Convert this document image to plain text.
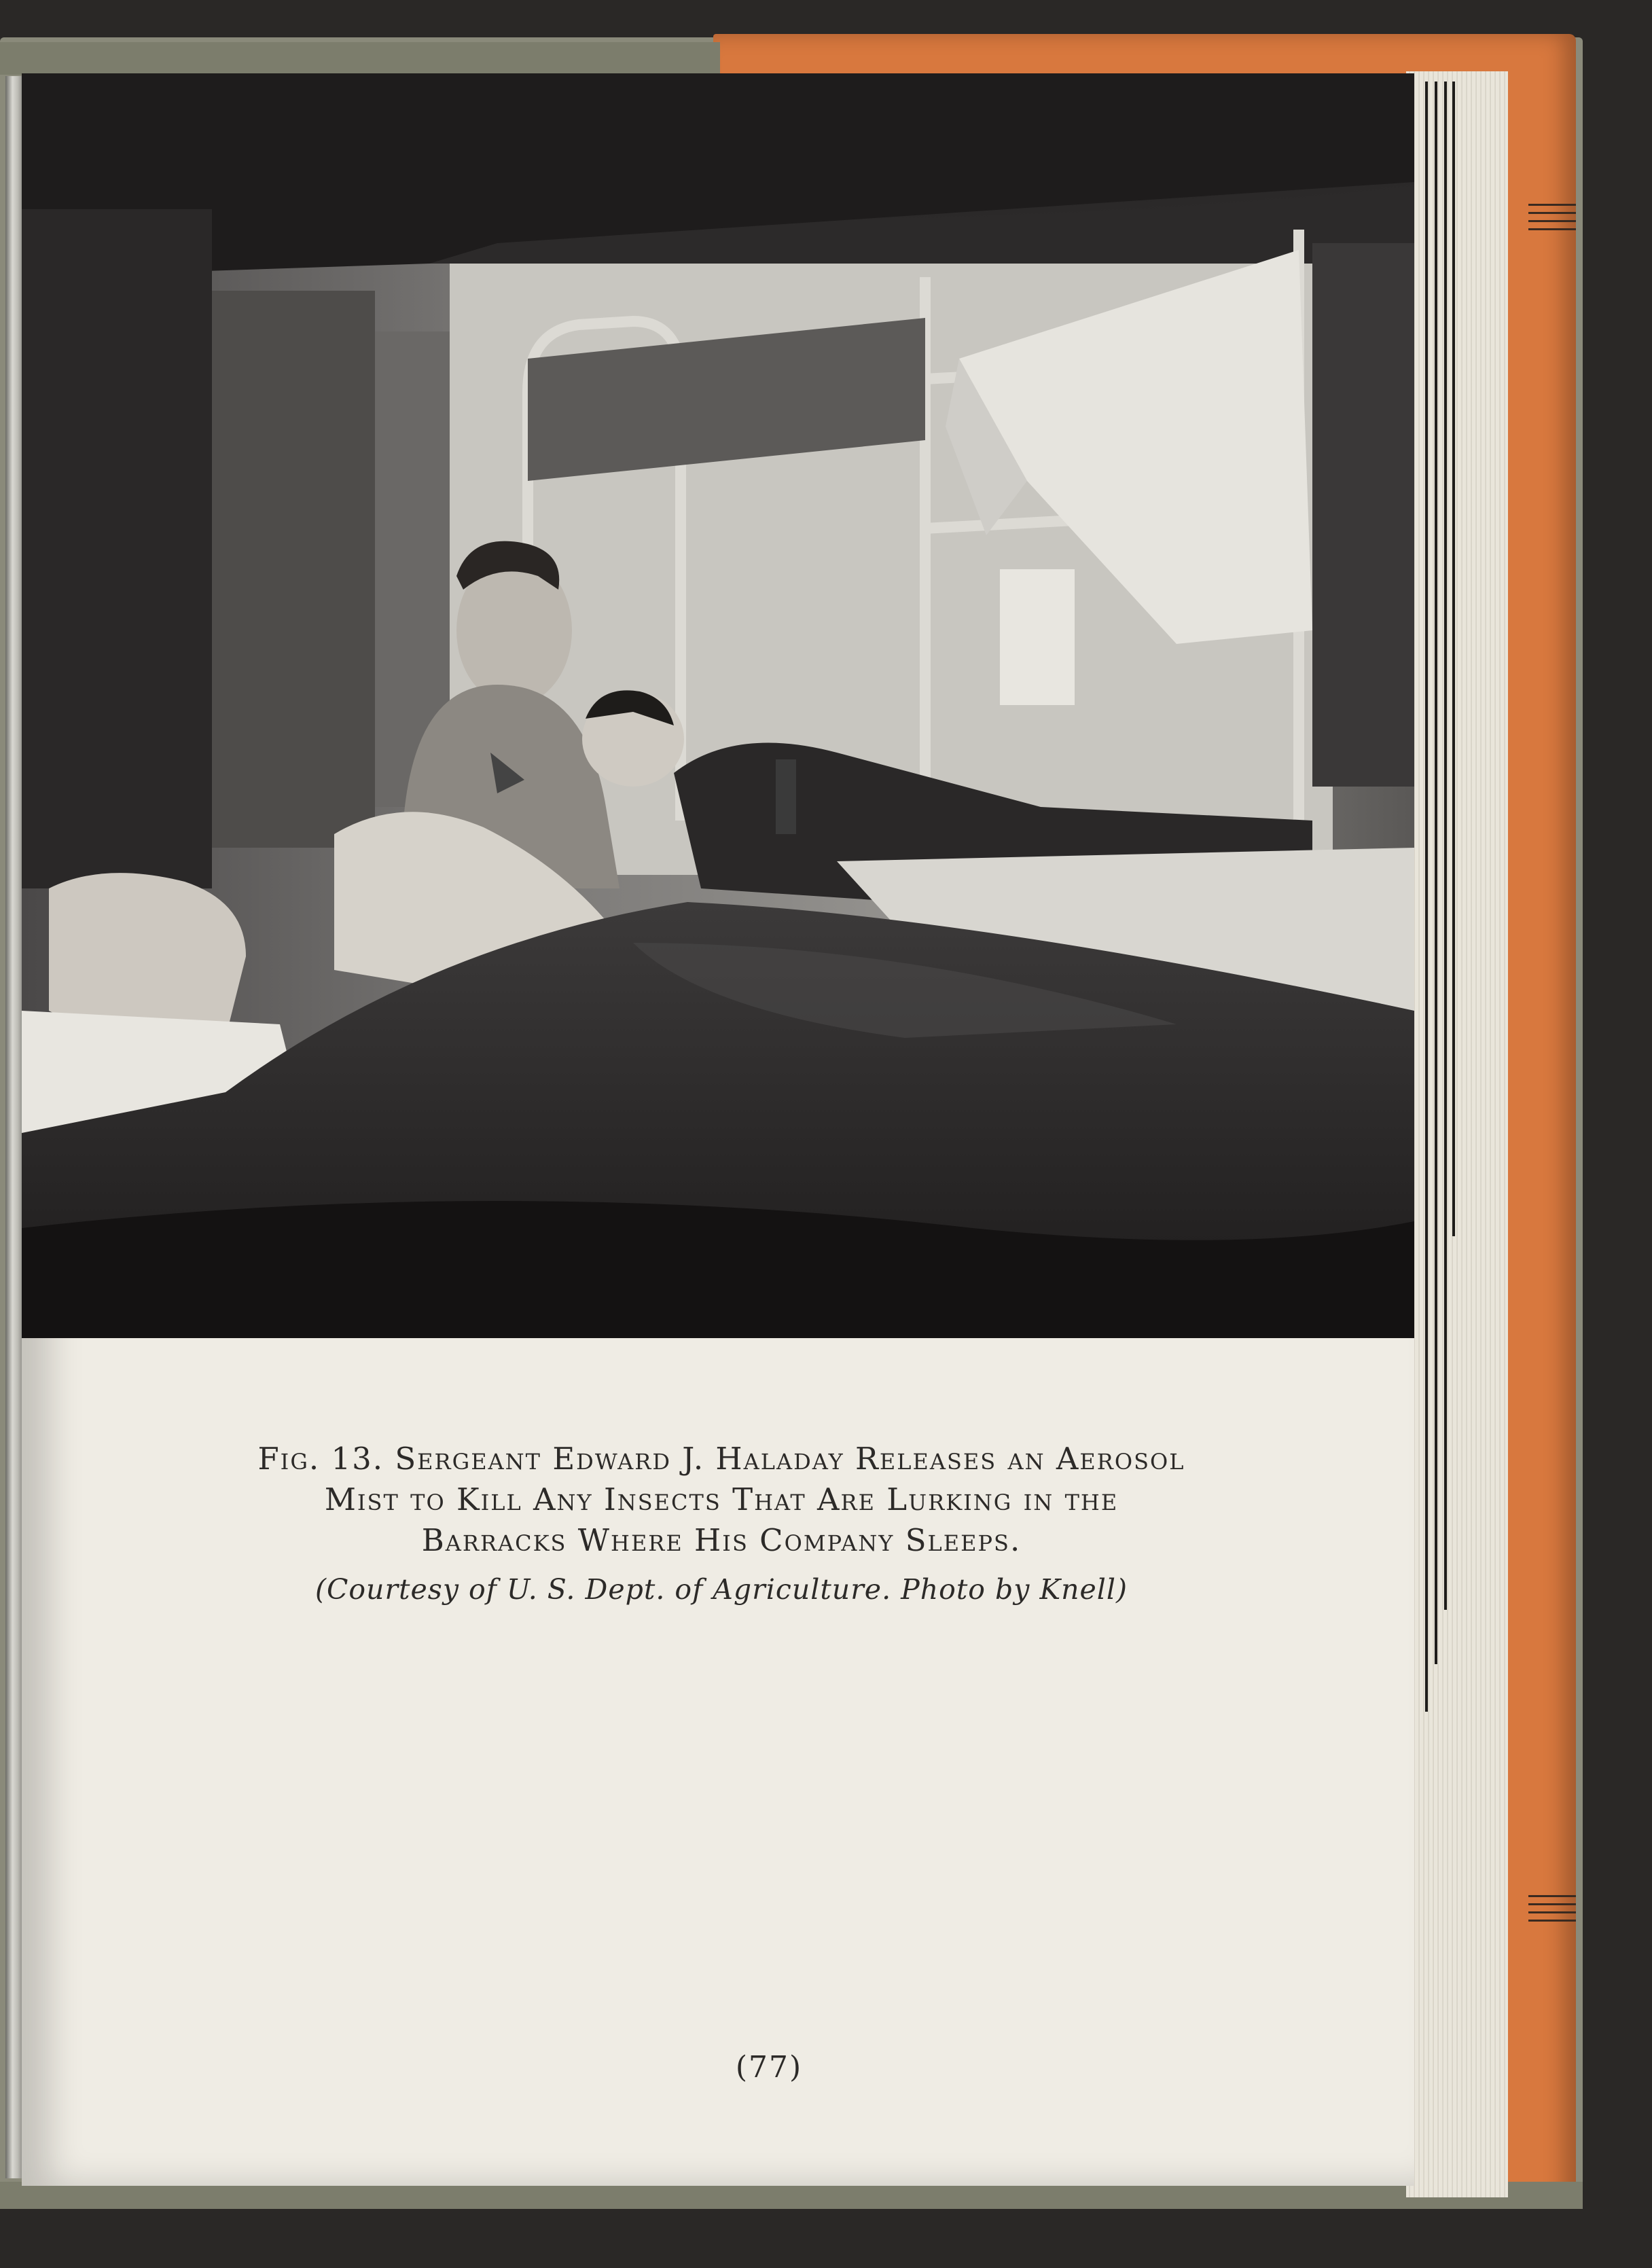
Fig. 13. Sergeant Edward J. Haladay Releases an Aerosol
Mist to Kill Any Insects That Are Lurking in the
Barracks Where His Company Sleeps.
(Courtesy of U. S. Dept. of Agriculture. Photo by Knell)
(77)
